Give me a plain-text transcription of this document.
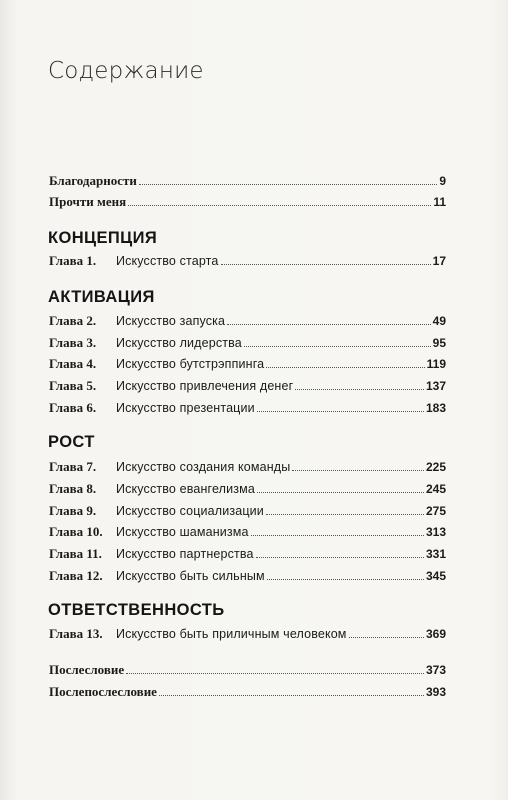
Содержание
Благодарности	9
Прочти меня	11
КОНЦЕПЦИЯ
Глава 1.	Искусство старта	17
АКТИВАЦИЯ
Глава 2.	Искусство запуска	49
Глава 3.	Искусство лидерства	95
Глава 4.	Искусство бутстрэппинга	119
Глава 5.	Искусство привлечения денег	137
Глава 6.	Искусство презентации	183
РОСТ
Глава 7.	Искусство создания команды	225
Глава 8.	Искусство евангелизма	245
Глава 9.	Искусство социализации	275
Глава 10.	Искусство шаманизма	313
Глава 11.	Искусство партнерства	331
Глава 12.	Искусство быть сильным	345
ОТВЕТСТВЕННОСТЬ
Глава 13.	Искусство быть приличным человеком	369
Послесловие	373
Послепослесловие	393
